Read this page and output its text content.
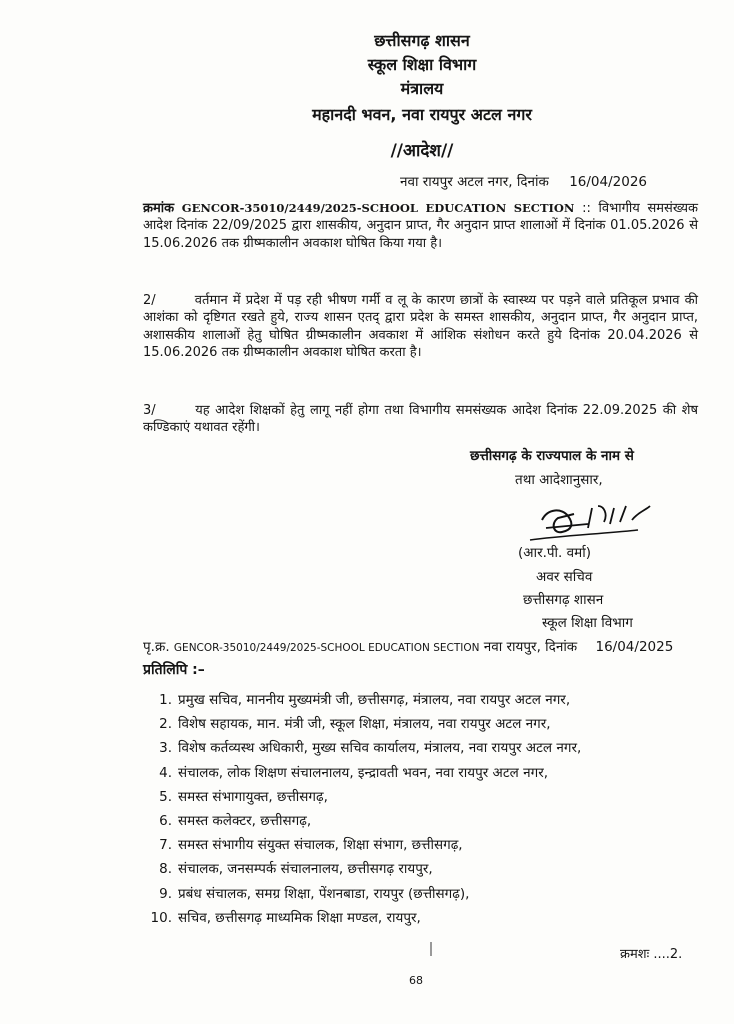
छत्तीसगढ़ शासन
स्कूल शिक्षा विभाग
मंत्रालय
महानदी भवन, नवा रायपुर अटल नगर
//आदेश//
नवा रायपुर अटल नगर, दिनांक 16/04/2026
क्रमांक GENCOR-35010/2449/2025-SCHOOL EDUCATION SECTION :: विभागीय समसंख्यक आदेश दिनांक 22/09/2025 द्वारा शासकीय, अनुदान प्राप्त, गैर अनुदान प्राप्त शालाओं में दिनांक 01.05.2026 से 15.06.2026 तक ग्रीष्मकालीन अवकाश घोषित किया गया है।
2/	वर्तमान में प्रदेश में पड़ रही भीषण गर्मी व लू के कारण छात्रों के स्वास्थ्य पर पड़ने वाले प्रतिकूल प्रभाव की आशंका को दृष्टिगत रखते हुये, राज्य शासन एतद् द्वारा प्रदेश के समस्त शासकीय, अनुदान प्राप्त, गैर अनुदान प्राप्त, अशासकीय शालाओं हेतु घोषित ग्रीष्मकालीन अवकाश में आंशिक संशोधन करते हुये दिनांक 20.04.2026 से 15.06.2026 तक ग्रीष्मकालीन अवकाश घोषित करता है।
3/	यह आदेश शिक्षकों हेतु लागू नहीं होगा तथा विभागीय समसंख्यक आदेश दिनांक 22.09.2025 की शेष कण्डिकाएं यथावत रहेंगी।
छत्तीसगढ़ के राज्यपाल के नाम से
तथा आदेशानुसार,
(आर.पी. वर्मा)
अवर सचिव
छत्तीसगढ़ शासन
स्कूल शिक्षा विभाग
पृ.क्र. GENCOR-35010/2449/2025-SCHOOL EDUCATION SECTION नवा रायपुर, दिनांक 16/04/2025
प्रतिलिपि :–
1. प्रमुख सचिव, माननीय मुख्यमंत्री जी, छत्तीसगढ़, मंत्रालय, नवा रायपुर अटल नगर,
2. विशेष सहायक, मान. मंत्री जी, स्कूल शिक्षा, मंत्रालय, नवा रायपुर अटल नगर,
3. विशेष कर्तव्यस्थ अधिकारी, मुख्य सचिव कार्यालय, मंत्रालय, नवा रायपुर अटल नगर,
4. संचालक, लोक शिक्षण संचालनालय, इन्द्रावती भवन, नवा रायपुर अटल नगर,
5. समस्त संभागायुक्त, छत्तीसगढ़,
6. समस्त कलेक्टर, छत्तीसगढ़,
7. समस्त संभागीय संयुक्त संचालक, शिक्षा संभाग, छत्तीसगढ़,
8. संचालक, जनसम्पर्क संचालनालय, छत्तीसगढ़ रायपुर,
9. प्रबंध संचालक, समग्र शिक्षा, पेंशनबाडा, रायपुर (छत्तीसगढ़),
10. सचिव, छत्तीसगढ़ माध्यमिक शिक्षा मण्डल, रायपुर,
क्रमशः ....2.
68
